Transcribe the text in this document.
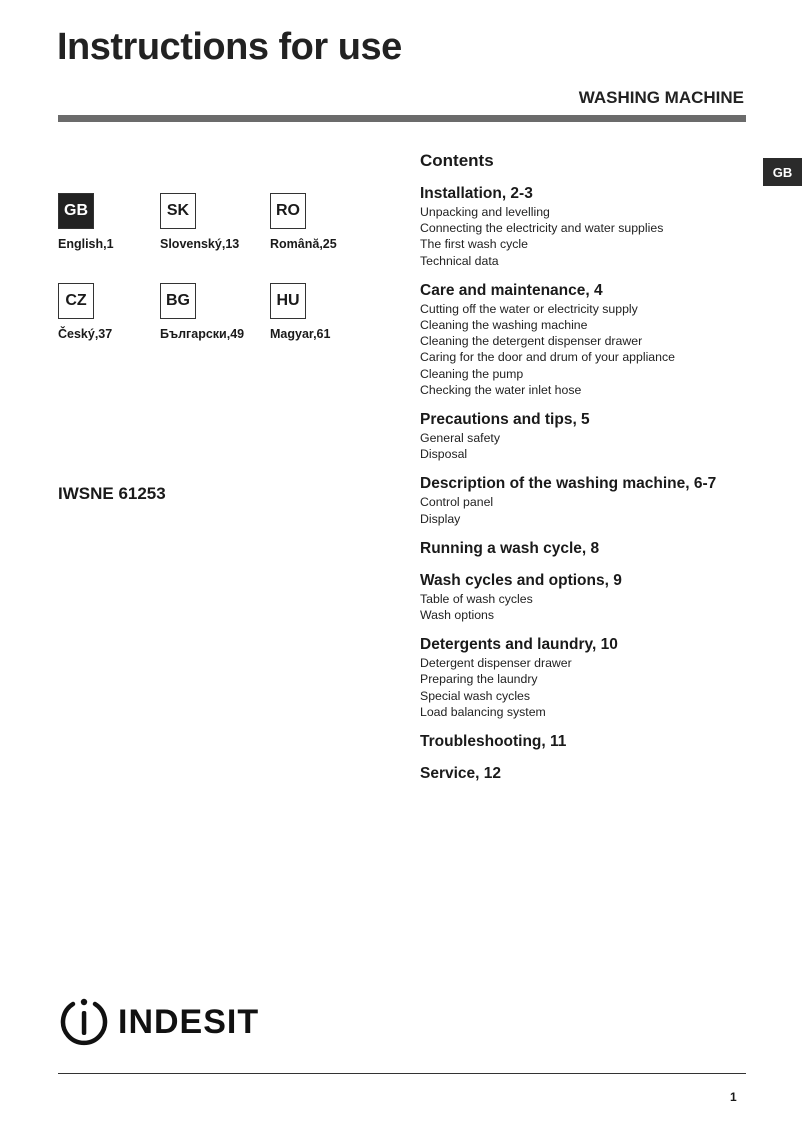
Instructions for use
WASHING MACHINE
GB
GB
English,1
SK
Slovenský,13
RO
Română,25
CZ
Český,37
BG
Български,49
HU
Magyar,61
IWSNE 61253
Contents
Installation, 2-3
Unpacking and levelling
Connecting the electricity and water supplies
The first wash cycle
Technical data
Care and maintenance, 4
Cutting off the water or electricity supply
Cleaning the washing machine
Cleaning the detergent dispenser drawer
Caring for the door and drum of your appliance
Cleaning the pump
Checking the water inlet hose
Precautions and tips, 5
General safety
Disposal
Description of the washing machine, 6-7
Control panel
Display
Running a wash cycle, 8
Wash cycles and options, 9
Table of wash cycles
Wash options
Detergents and laundry, 10
Detergent dispenser drawer
Preparing the laundry
Special wash cycles
Load balancing system
Troubleshooting, 11
Service, 12
INDESIT
1
